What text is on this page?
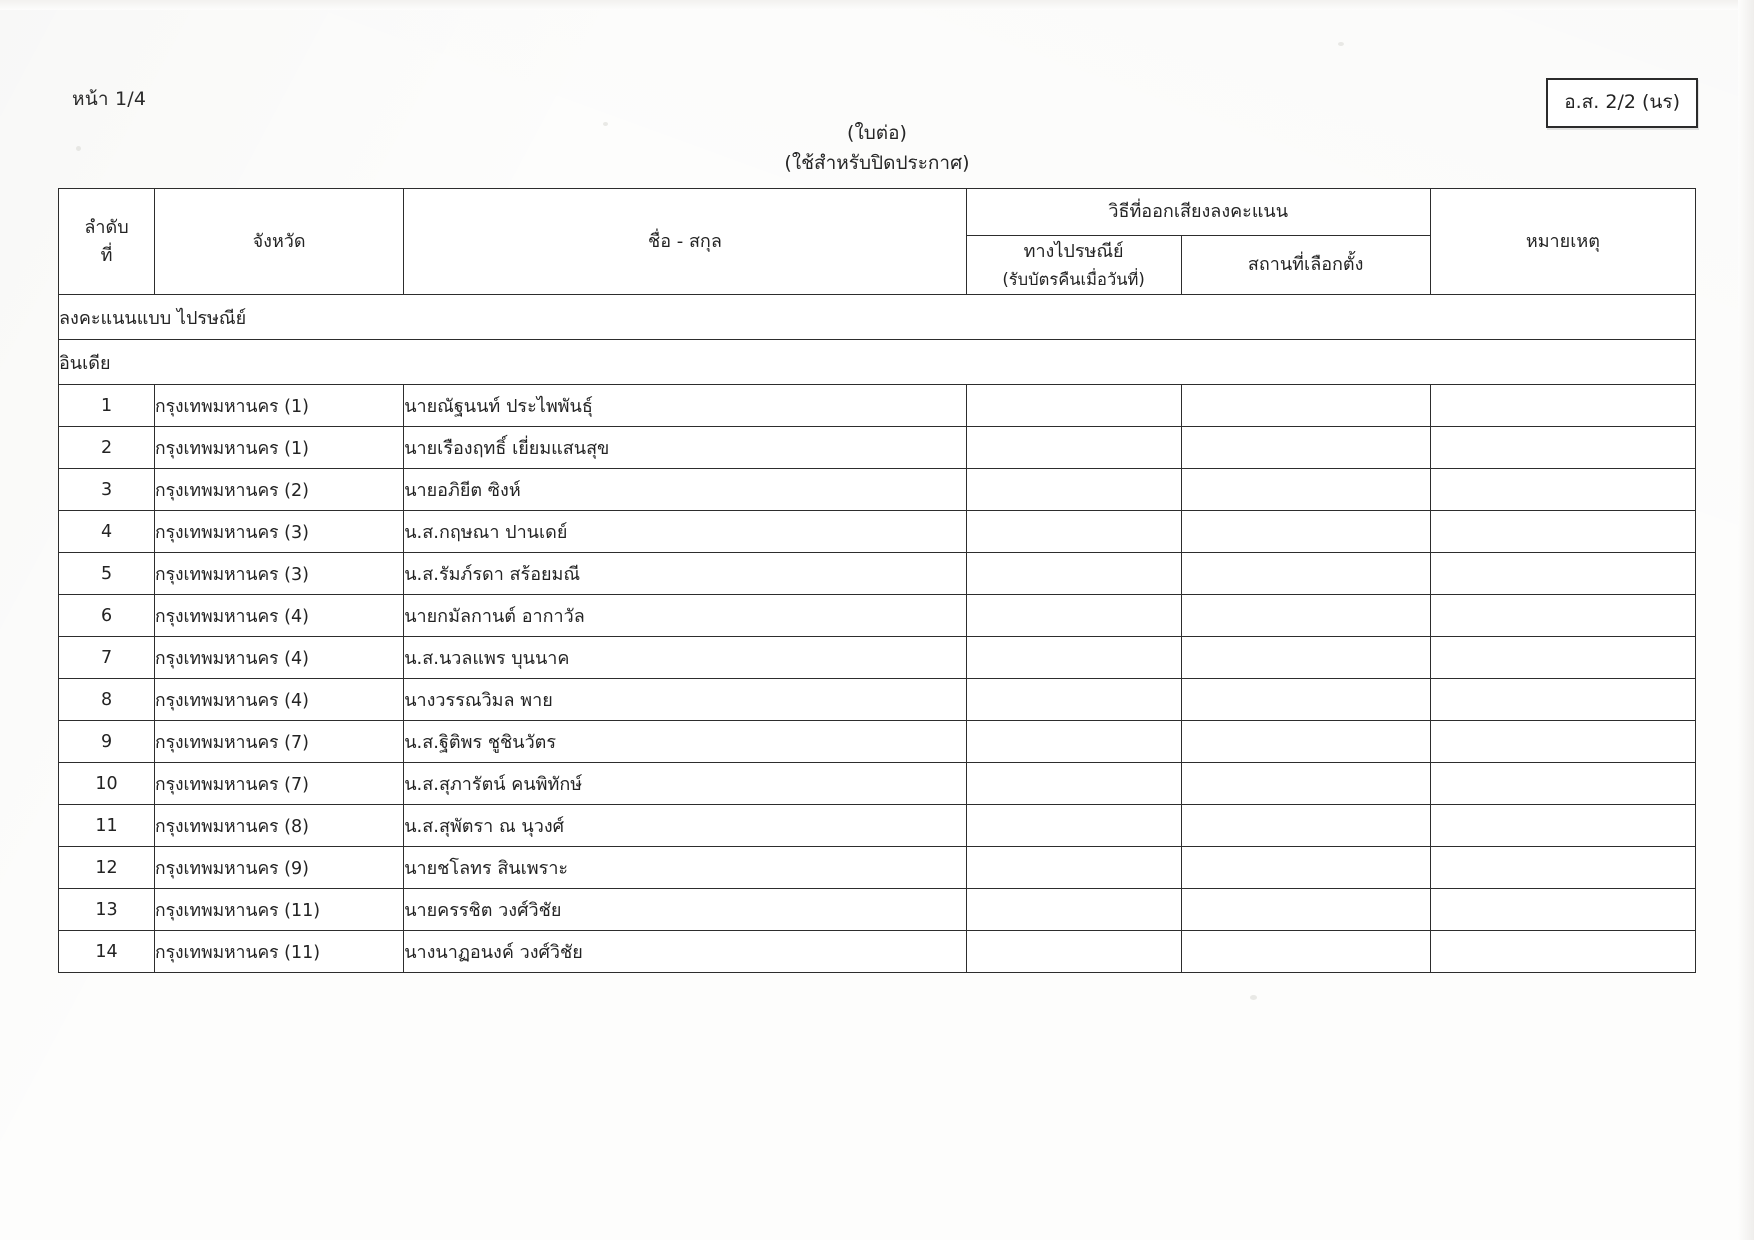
หน้า 1/4	อ.ส. 2/2 (นร)
(ใบต่อ)
(ใช้สำหรับปิดประกาศ)
ลำดับ
ที่	จังหวัด	ชื่อ - สกุล	วิธีที่ออกเสียงลงคะแนน		หมายเหตุ
			ทางไปรษณีย์
(รับบัตรคืนเมื่อวันที่)	สถานที่เลือกตั้ง	
ลงคะแนนแบบ ไปรษณีย์					
อินเดีย					
1	กรุงเทพมหานคร (1)	นายณัฐนนท์ ประไพพันธุ์			
2	กรุงเทพมหานคร (1)	นายเรืองฤทธิ์ เยี่ยมแสนสุข			
3	กรุงเทพมหานคร (2)	นายอภิยีต ซิงห์			
4	กรุงเทพมหานคร (3)	น.ส.กฤษณา ปานเดย์			
5	กรุงเทพมหานคร (3)	น.ส.รัมภ์รดา สร้อยมณี			
6	กรุงเทพมหานคร (4)	นายกมัลกานต์ อากาวัล			
7	กรุงเทพมหานคร (4)	น.ส.นวลแพร บุนนาค			
8	กรุงเทพมหานคร (4)	นางวรรณวิมล พาย			
9	กรุงเทพมหานคร (7)	น.ส.ฐิติพร ชูชินวัตร			
10	กรุงเทพมหานคร (7)	น.ส.สุภารัตน์ คนพิทักษ์			
11	กรุงเทพมหานคร (8)	น.ส.สุพัตรา ณ นุวงศ์			
12	กรุงเทพมหานคร (9)	นายชโลทร สินเพราะ			
13	กรุงเทพมหานคร (11)	นายครรชิต วงศ์วิชัย			
14	กรุงเทพมหานคร (11)	นางนาฏอนงค์ วงศ์วิชัย			
